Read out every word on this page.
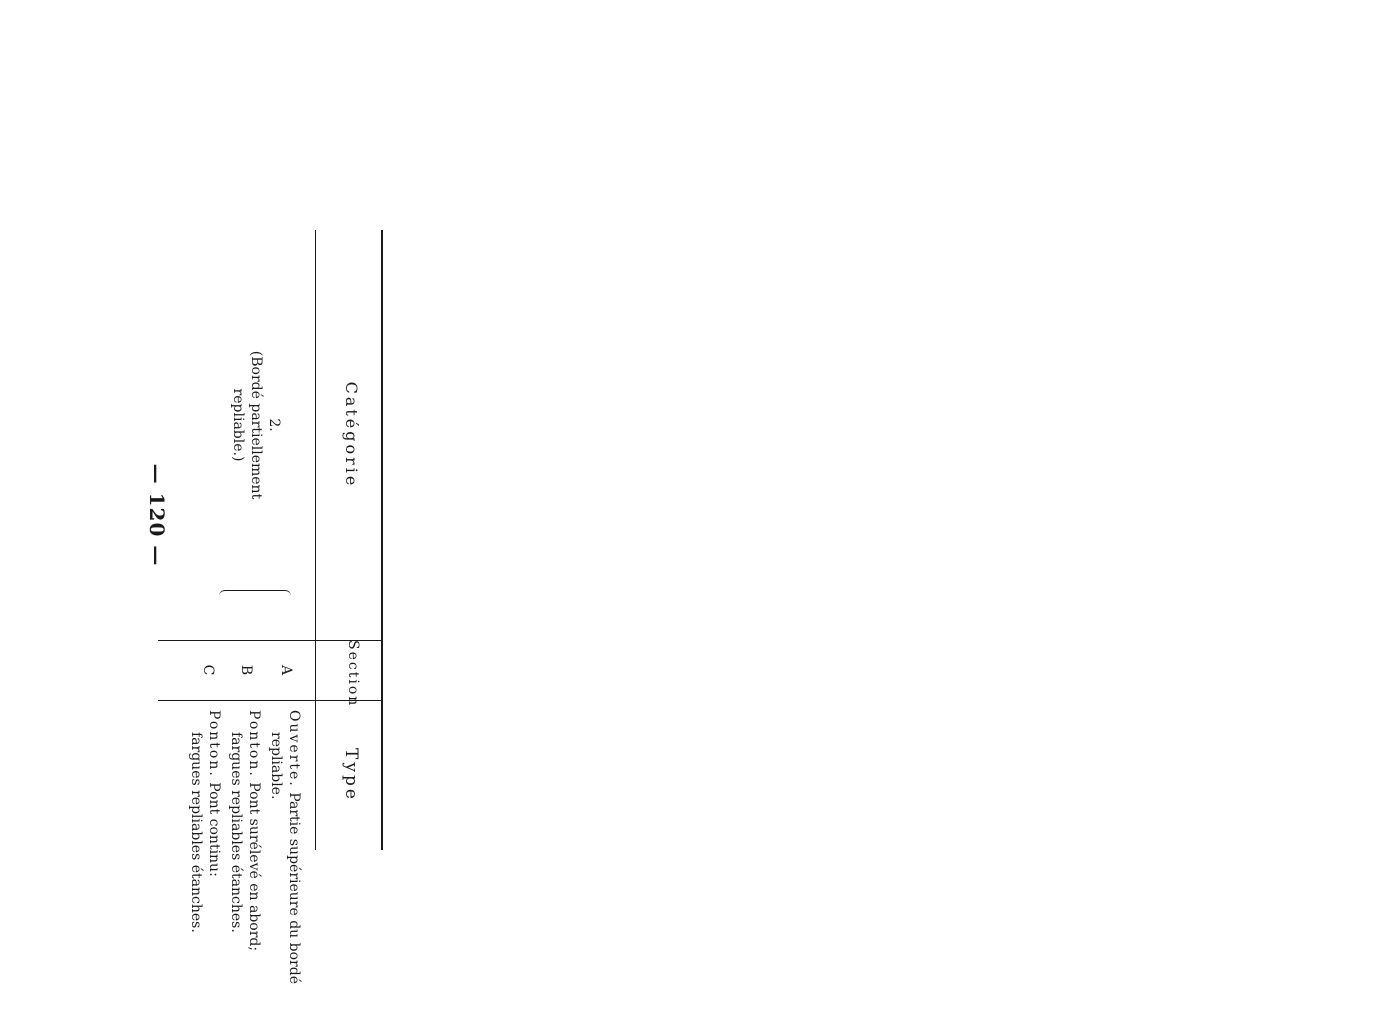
— 120 —
Catégorie
Section
Type
2.
(Bordé partiellement
repliable.)
A
B
C
Ouverte. Partie supérieure du bordé
repliable.
Ponton. Pont surélevé en abord;
fargues repliables étanches.
Ponton. Pont continu:
fargues repliables étanches.
